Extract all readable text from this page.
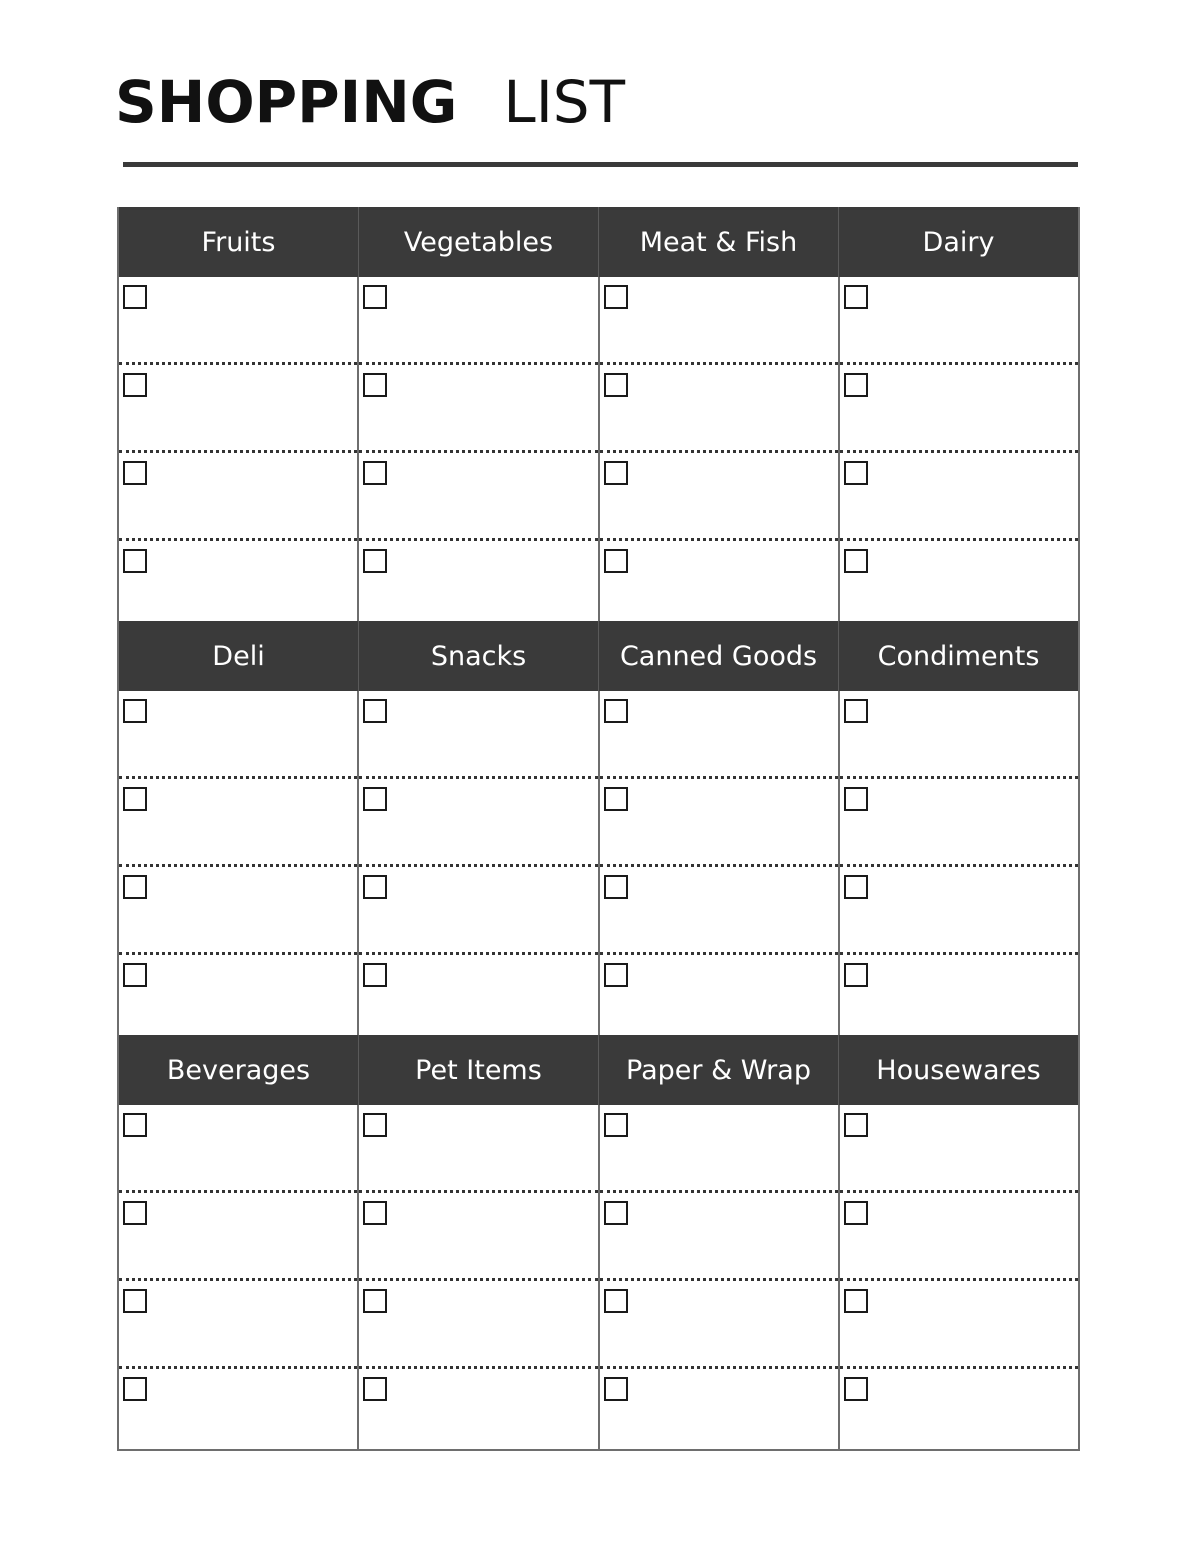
SHOPPING LIST
Fruits	Vegetables	Meat & Fish	Dairy
Deli	Snacks	Canned Goods	Condiments
Beverages	Pet Items	Paper & Wrap	Housewares
